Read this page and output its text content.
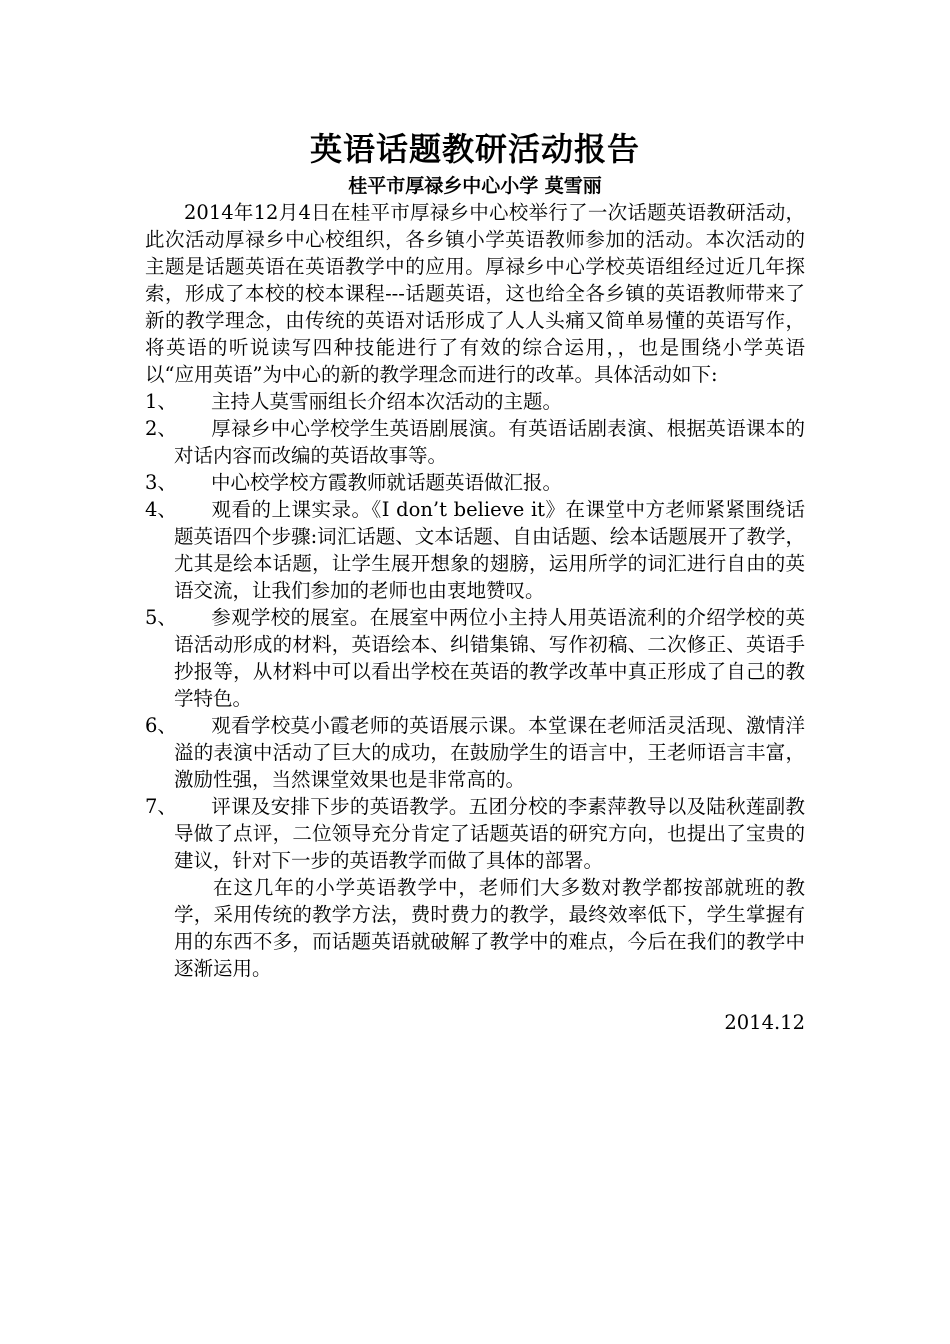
英语话题教研活动报告

桂平市厚禄乡中心小学 莫雪丽

2014年12月4日在桂平市厚禄乡中心校举行了一次话题英语教研活动，此次活动厚禄乡中心校组织，各乡镇小学英语教师参加的活动。本次活动的主题是话题英语在英语教学中的应用。厚禄乡中心学校英语组经过近几年探索，形成了本校的校本课程---话题英语，这也给全各乡镇的英语教师带来了新的教学理念，由传统的英语对话形成了人人头痛又简单易懂的英语写作，将英语的听说读写四种技能进行了有效的综合运用，，也是围绕小学英语以“应用英语”为中心的新的教学理念而进行的改革。具体活动如下:

1、	主持人莫雪丽组长介绍本次活动的主题。
2、	厚禄乡中心学校学生英语剧展演。有英语话剧表演、根据英语课本的对话内容而改编的英语故事等。
3、	中心校学校方霞教师就话题英语做汇报。
4、	观看的上课实录。《I don’t believe it》在课堂中方老师紧紧围绕话题英语四个步骤:词汇话题、文本话题、自由话题、绘本话题展开了教学，尤其是绘本话题，让学生展开想象的翅膀，运用所学的词汇进行自由的英语交流，让我们参加的老师也由衷地赞叹。
5、	参观学校的展室。在展室中两位小主持人用英语流利的介绍学校的英语活动形成的材料，英语绘本、纠错集锦、写作初稿、二次修正、英语手抄报等，从材料中可以看出学校在英语的教学改革中真正形成了自己的教学特色。
6、	观看学校莫小霞老师的英语展示课。本堂课在老师活灵活现、激情洋溢的表演中活动了巨大的成功，在鼓励学生的语言中，王老师语言丰富，激励性强，当然课堂效果也是非常高的。
7、	评课及安排下步的英语教学。五团分校的李素萍教导以及陆秋莲副教导做了点评，二位领导充分肯定了话题英语的研究方向，也提出了宝贵的建议，针对下一步的英语教学而做了具体的部署。

在这几年的小学英语教学中，老师们大多数对教学都按部就班的教学，采用传统的教学方法，费时费力的教学，最终效率低下，学生掌握有用的东西不多，而话题英语就破解了教学中的难点，今后在我们的教学中逐渐运用。

2014.12
